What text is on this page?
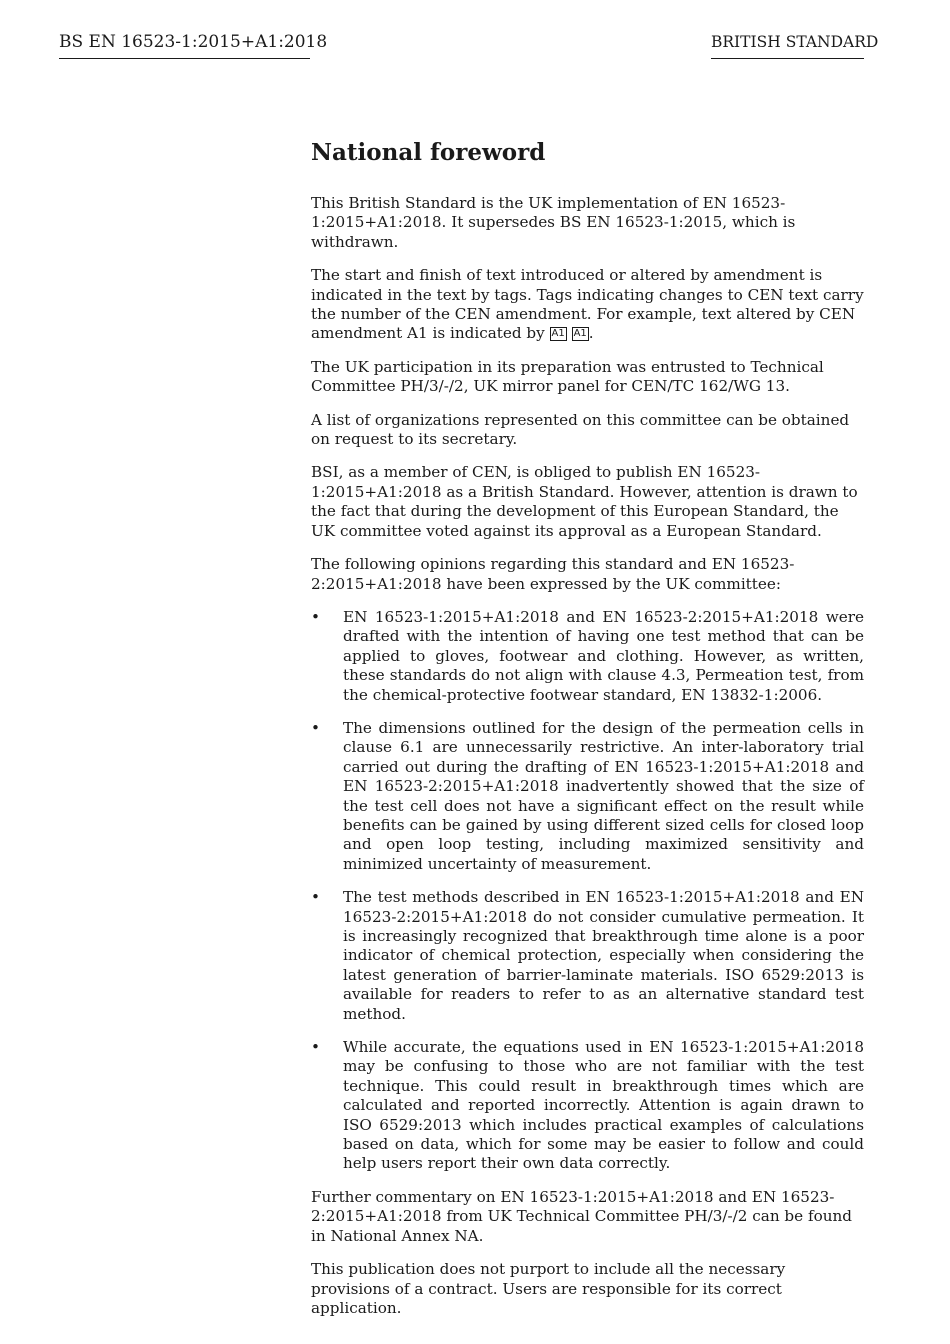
BS EN 16523-1:2015+A1:2018	BRITISH STANDARD
National foreword

This British Standard is the UK implementation of EN 16523-1:2015+A1:2018. It supersedes BS EN 16523-1:2015, which is withdrawn.

The start and finish of text introduced or altered by amendment is indicated in the text by tags. Tags indicating changes to CEN text carry the number of the CEN amendment. For example, text altered by CEN amendment A1 is indicated by A1 A1 .

The UK participation in its preparation was entrusted to Technical Committee PH/3/-/2, UK mirror panel for CEN/TC 162/WG 13.

A list of organizations represented on this committee can be obtained on request to its secretary.

BSI, as a member of CEN, is obliged to publish EN 16523-1:2015+A1:2018 as a British Standard. However, attention is drawn to the fact that during the development of this European Standard, the UK committee voted against its approval as a European Standard.

The following opinions regarding this standard and EN 16523-2:2015+A1:2018 have been expressed by the UK committee:

• EN 16523-1:2015+A1:2018 and EN 16523-2:2015+A1:2018 were drafted with the intention of having one test method that can be applied to gloves, footwear and clothing. However, as written, these standards do not align with clause 4.3, Permeation test, from the chemical-protective footwear standard, EN 13832-1:2006.
• The dimensions outlined for the design of the permeation cells in clause 6.1 are unnecessarily restrictive. An inter-laboratory trial carried out during the drafting of EN 16523-1:2015+A1:2018 and EN 16523-2:2015+A1:2018 inadvertently showed that the size of the test cell does not have a significant effect on the result while benefits can be gained by using different sized cells for closed loop and open loop testing, including maximized sensitivity and minimized uncertainty of measurement.
• The test methods described in EN 16523-1:2015+A1:2018 and EN 16523-2:2015+A1:2018 do not consider cumulative permeation. It is increasingly recognized that breakthrough time alone is a poor indicator of chemical protection, especially when considering the latest generation of barrier-laminate materials. ISO 6529:2013 is available for readers to refer to as an alternative standard test method.
• While accurate, the equations used in EN 16523-1:2015+A1:2018 may be confusing to those who are not familiar with the test technique. This could result in breakthrough times which are calculated and reported incorrectly. Attention is again drawn to ISO 6529:2013 which includes practical examples of calculations based on data, which for some may be easier to follow and could help users report their own data correctly.

Further commentary on EN 16523-1:2015+A1:2018 and EN 16523-2:2015+A1:2018 from UK Technical Committee PH/3/-/2 can be found in National Annex NA.

This publication does not purport to include all the necessary provisions of a contract. Users are responsible for its correct application.
